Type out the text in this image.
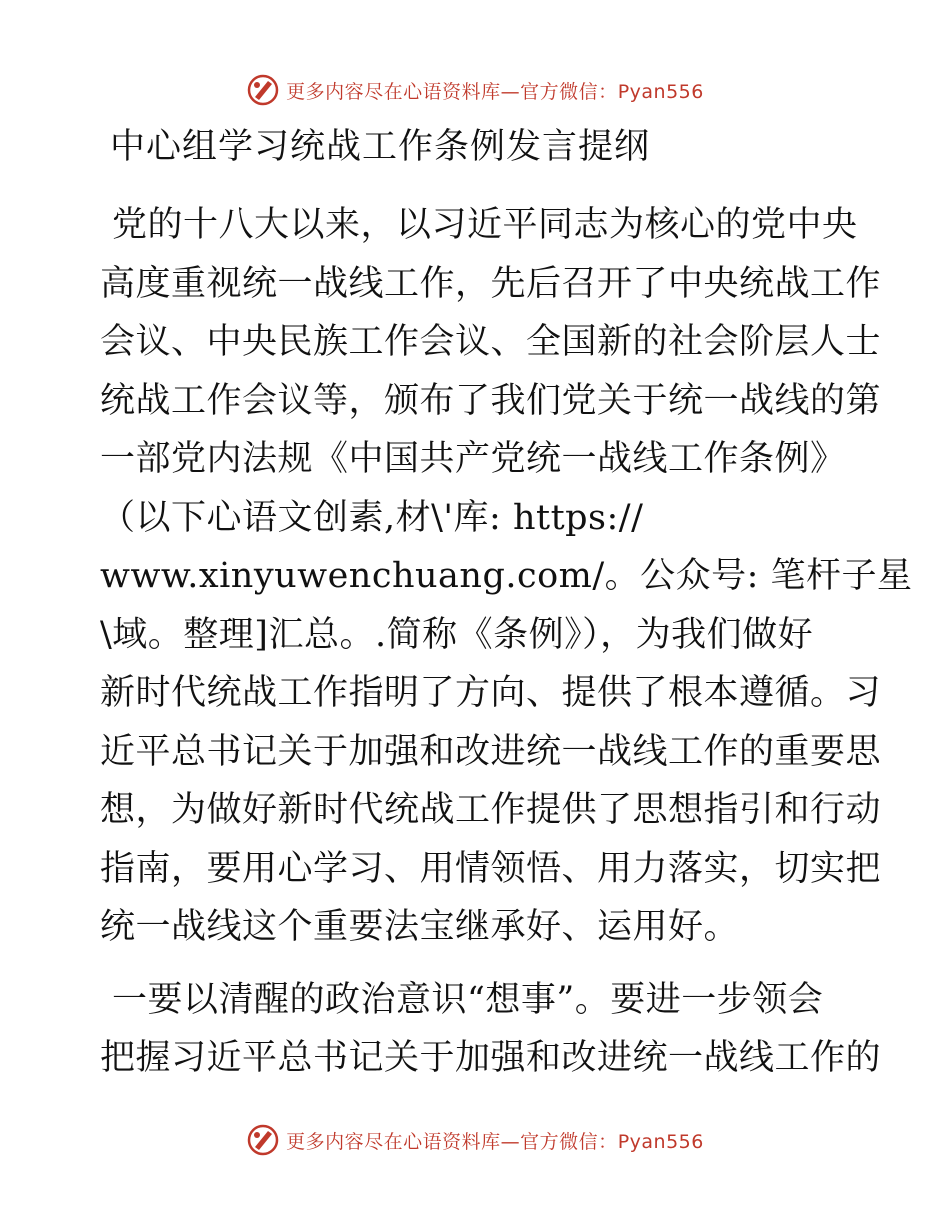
更多内容尽在心语资料库—官方微信：Pyan556
中心组学习统战工作条例发言提纲

党的十八大以来，以习近平同志为核心的党中央
高度重视统一战线工作，先后召开了中央统战工作
会议、中央民族工作会议、全国新的社会阶层人士
统战工作会议等，颁布了我们党关于统一战线的第
一部党内法规《中国共产党统一战线工作条例》
（以下心语文创素,材\'库: https://
www.xinyuwenchuang.com/。公众号: 笔杆子星
\域。整理]汇总。.简称《条例》），为我们做好
新时代统战工作指明了方向、提供了根本遵循。习
近平总书记关于加强和改进统一战线工作的重要思
想，为做好新时代统战工作提供了思想指引和行动
指南，要用心学习、用情领悟、用力落实，切实把
统一战线这个重要法宝继承好、运用好。

一要以清醒的政治意识“想事”。要进一步领会
把握习近平总书记关于加强和改进统一战线工作的

更多内容尽在心语资料库—官方微信：Pyan556
